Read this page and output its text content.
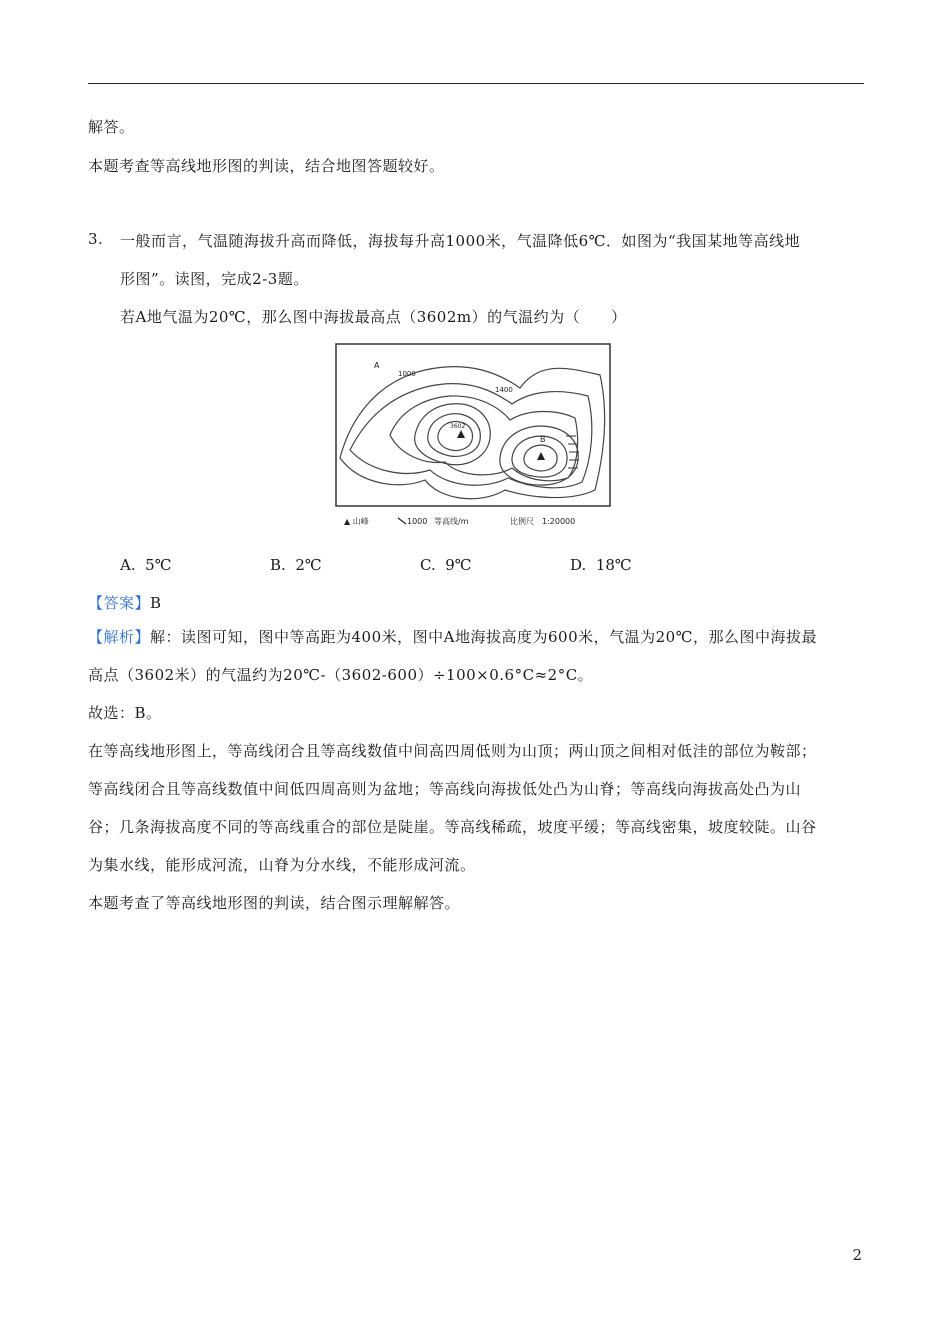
解答。
本题考查等高线地形图的判读，结合地图答题较好。
3. 一般而言，气温随海拔升高而降低，海拔每升高1000米，气温降低6℃．如图为“我国某地等高线地
形图”。读图，完成2-3题。
若A地气温为20℃，那么图中海拔最高点（3602m）的气温约为（　　）
A
1000
1400
3602
B
▲ 山峰	1000 等高线/m	比例尺　1:20000
A. 5℃	B. 2℃	C. 9℃	D. 18℃
【答案】B
【解析】解：读图可知，图中等高距为400米，图中A地海拔高度为600米，气温为20℃，那么图中海拔最
高点（3602米）的气温约为20℃-（3602-600）÷100×0.6°C≈2°C。
故选：B。
在等高线地形图上，等高线闭合且等高线数值中间高四周低则为山顶；两山顶之间相对低洼的部位为鞍部；
等高线闭合且等高线数值中间低四周高则为盆地；等高线向海拔低处凸为山脊；等高线向海拔高处凸为山
谷；几条海拔高度不同的等高线重合的部位是陡崖。等高线稀疏，坡度平缓；等高线密集，坡度较陡。山谷
为集水线，能形成河流，山脊为分水线，不能形成河流。
本题考查了等高线地形图的判读，结合图示理解解答。
2
